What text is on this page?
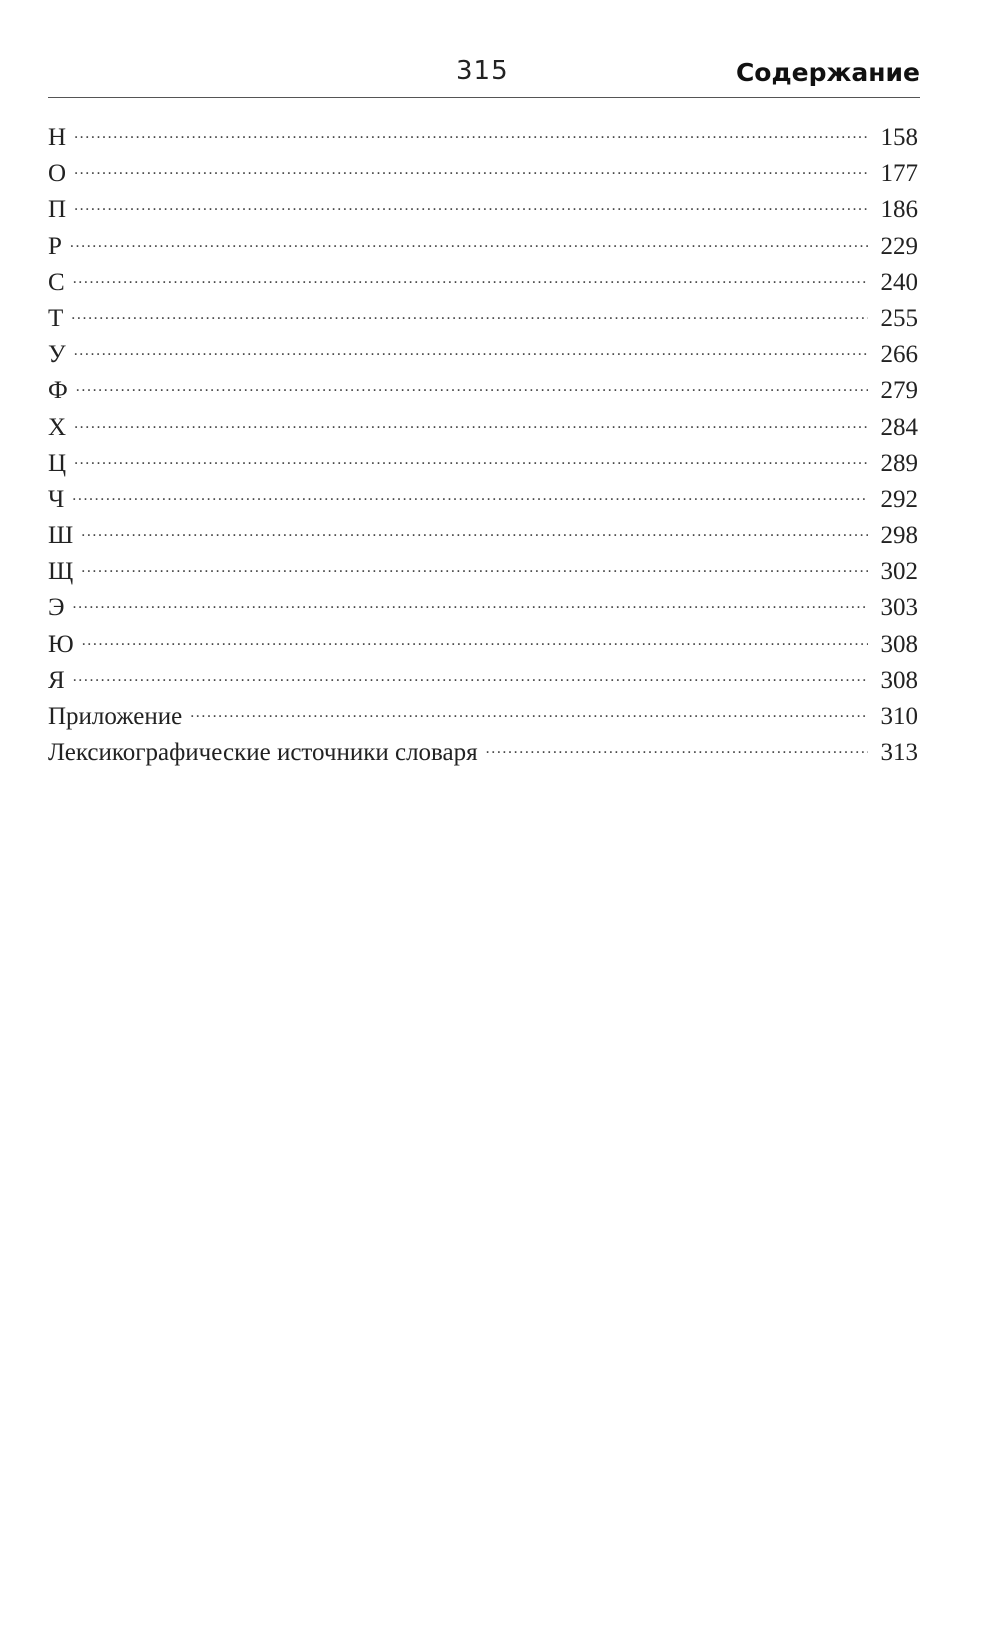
315	Содержание
Н .....	158
О .....	177
П .....	186
Р .....	229
С .....	240
Т .....	255
У .....	266
Ф .....	279
Х .....	284
Ц .....	289
Ч .....	292
Ш .....	298
Щ .....	302
Э .....	303
Ю .....	308
Я .....	308
Приложение .....	310
Лексикографические источники словаря .....	313
